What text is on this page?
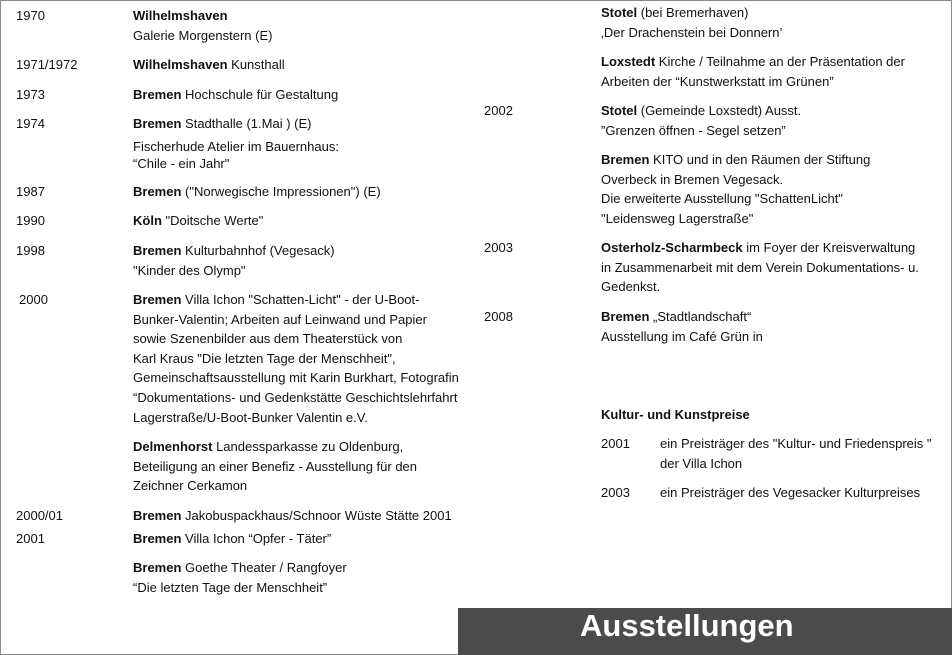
1970	Wilhelmshaven
Galerie Morgenstern (E)
1971/1972	Wilhelmshaven Kunsthall
1973	Bremen Hochschule für Gestaltung
1974	Bremen Stadthalle (1.Mai ) (E)
Fischerhude Atelier im Bauernhaus:
“Chile - ein Jahr"
1987	Bremen ("Norwegische Impressionen") (E)
1990	Köln "Doitsche Werte"
1998	Bremen Kulturbahnhof (Vegesack)
"Kinder des Olymp"
2000	Bremen Villa Ichon "Schatten-Licht" - der U-Boot-
Bunker-Valentin; Arbeiten auf Leinwand und Papier
sowie Szenenbilder aus dem Theaterstück von
Karl Kraus "Die letzten Tage der Menschheit",
Gemeinschaftsausstellung mit Karin Burkhart, Fotografin
“Dokumentations- und Gedenkstätte Geschichtslehrfahrt
Lagerstraße/U-Boot-Bunker Valentin e.V.
Delmenhorst Landessparkasse zu Oldenburg,
Beteiligung an einer Benefiz - Ausstellung für den
Zeichner Cerkamon
2000/01	Bremen Jakobuspackhaus/Schnoor Wüste Stätte 2001
2001	Bremen Villa Ichon “Opfer - Täter”
Bremen Goethe Theater / Rangfoyer
“Die letzten Tage der Menschheit”
Stotel (bei Bremerhaven)
‚Der Drachenstein bei Donnern’
Loxstedt Kirche / Teilnahme an der Präsentation der
Arbeiten der “Kunstwerkstatt im Grünen”
2002	Stotel (Gemeinde Loxstedt) Ausst.
”Grenzen öffnen - Segel setzen”
Bremen KITO und in den Räumen der Stiftung
Overbeck in Bremen Vegesack.
Die erweiterte Ausstellung "SchattenLicht"
"Leidensweg Lagerstraße"
2003	Osterholz-Scharmbeck im Foyer der Kreisverwaltung
in Zusammenarbeit mit dem Verein Dokumentations- u.
Gedenkst.
2008	Bremen „Stadtlandschaft“
Ausstellung im Café Grün in
Kultur- und Kunstpreise
2001 ein Preisträger des "Kultur- und Friedenspreis "
der Villa Ichon
2003 ein Preisträger des Vegesacker Kulturpreises
Ausstellungen
